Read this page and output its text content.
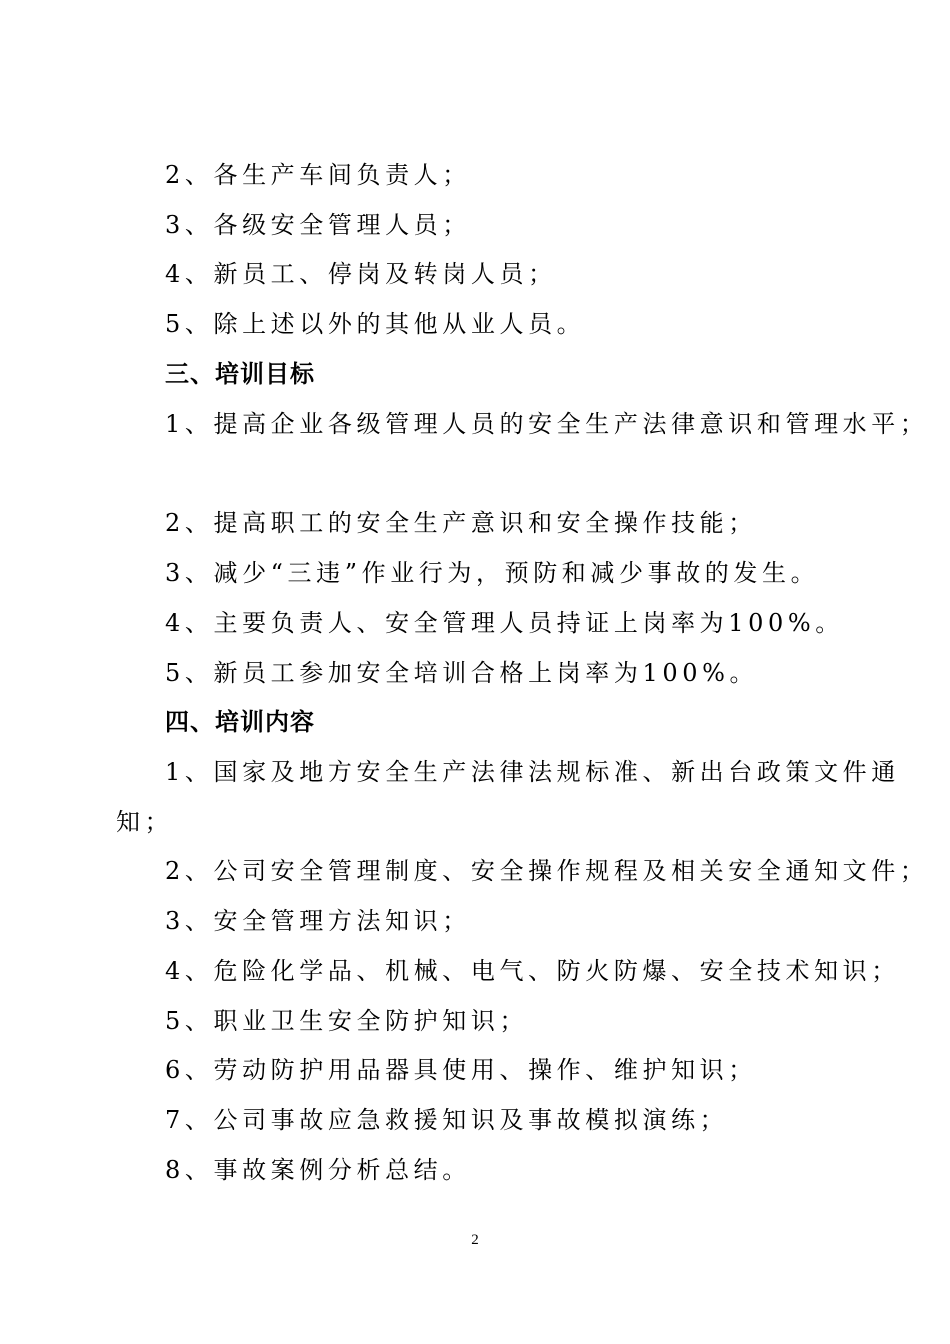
2、各生产车间负责人；
3、各级安全管理人员；
4、新员工、停岗及转岗人员；
5、除上述以外的其他从业人员。
三、培训目标
1、提高企业各级管理人员的安全生产法律意识和管理水平；
2、提高职工的安全生产意识和安全操作技能；
3、减少“三违”作业行为，预防和减少事故的发生。
4、主要负责人、安全管理人员持证上岗率为100%。
5、新员工参加安全培训合格上岗率为100%。
四、培训内容
1、国家及地方安全生产法律法规标准、新出台政策文件通
知；
2、公司安全管理制度、安全操作规程及相关安全通知文件；
3、安全管理方法知识；
4、危险化学品、机械、电气、防火防爆、安全技术知识；
5、职业卫生安全防护知识；
6、劳动防护用品器具使用、操作、维护知识；
7、公司事故应急救援知识及事故模拟演练；
8、事故案例分析总结。
2
